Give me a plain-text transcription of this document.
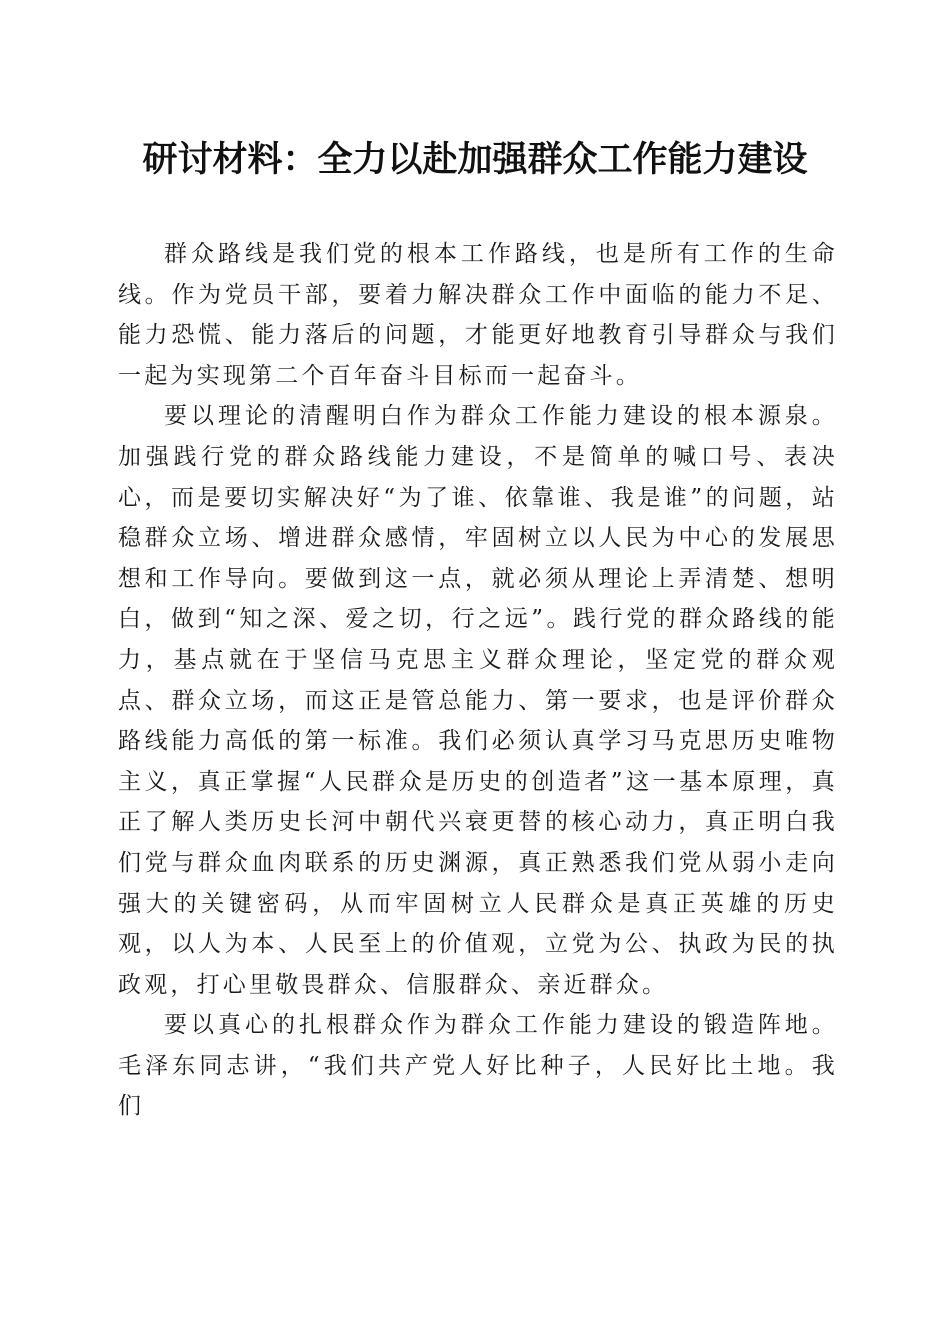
研讨材料：全力以赴加强群众工作能力建设

群众路线是我们党的根本工作路线，也是所有工作的生命线。作为党员干部，要着力解决群众工作中面临的能力不足、能力恐慌、能力落后的问题，才能更好地教育引导群众与我们一起为实现第二个百年奋斗目标而一起奋斗。

要以理论的清醒明白作为群众工作能力建设的根本源泉。加强践行党的群众路线能力建设，不是简单的喊口号、表决心，而是要切实解决好“为了谁、依靠谁、我是谁”的问题，站稳群众立场、增进群众感情，牢固树立以人民为中心的发展思想和工作导向。要做到这一点，就必须从理论上弄清楚、想明白，做到“知之深、爱之切，行之远”。践行党的群众路线的能力，基点就在于坚信马克思主义群众理论，坚定党的群众观点、群众立场，而这正是管总能力、第一要求，也是评价群众路线能力高低的第一标准。我们必须认真学习马克思历史唯物主义，真正掌握“人民群众是历史的创造者”这一基本原理，真正了解人类历史长河中朝代兴衰更替的核心动力，真正明白我们党与群众血肉联系的历史渊源，真正熟悉我们党从弱小走向强大的关键密码，从而牢固树立人民群众是真正英雄的历史观，以人为本、人民至上的价值观，立党为公、执政为民的执政观，打心里敬畏群众、信服群众、亲近群众。

要以真心的扎根群众作为群众工作能力建设的锻造阵地。毛泽东同志讲，“我们共产党人好比种子，人民好比土地。我们
